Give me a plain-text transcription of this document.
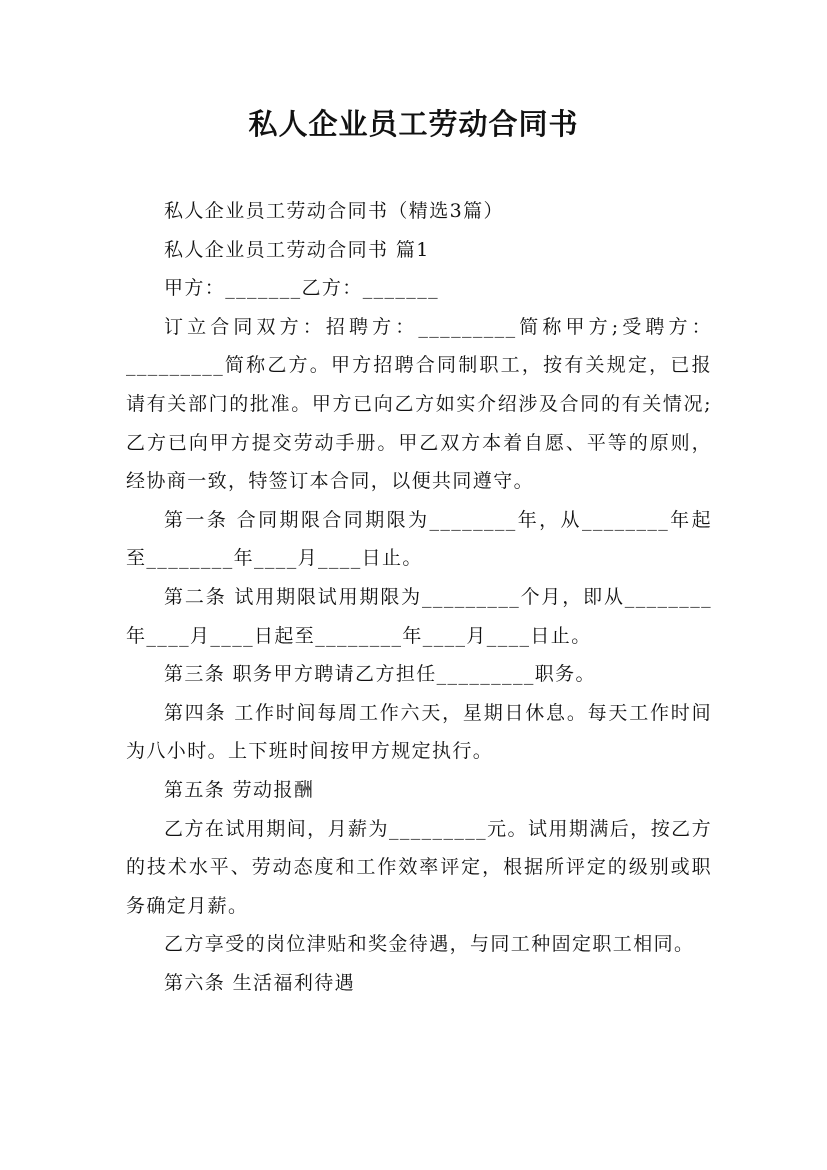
私人企业员工劳动合同书

私人企业员工劳动合同书（精选3篇）

私人企业员工劳动合同书 篇1

甲方：_______乙方：_______

订立合同双方：招聘方：_________简称甲方;受聘方：_________简称乙方。甲方招聘合同制职工，按有关规定，已报请有关部门的批准。甲方已向乙方如实介绍涉及合同的有关情况;乙方已向甲方提交劳动手册。甲乙双方本着自愿、平等的原则，经协商一致，特签订本合同，以便共同遵守。

第一条 合同期限合同期限为________年，从________年起至________年____月____日止。

第二条 试用期限试用期限为_________个月，即从________年____月____日起至________年____月____日止。

第三条 职务甲方聘请乙方担任_________职务。

第四条 工作时间每周工作六天，星期日休息。每天工作时间为八小时。上下班时间按甲方规定执行。

第五条 劳动报酬

乙方在试用期间，月薪为_________元。试用期满后，按乙方的技术水平、劳动态度和工作效率评定，根据所评定的级别或职务确定月薪。

乙方享受的岗位津贴和奖金待遇，与同工种固定职工相同。

第六条 生活福利待遇
